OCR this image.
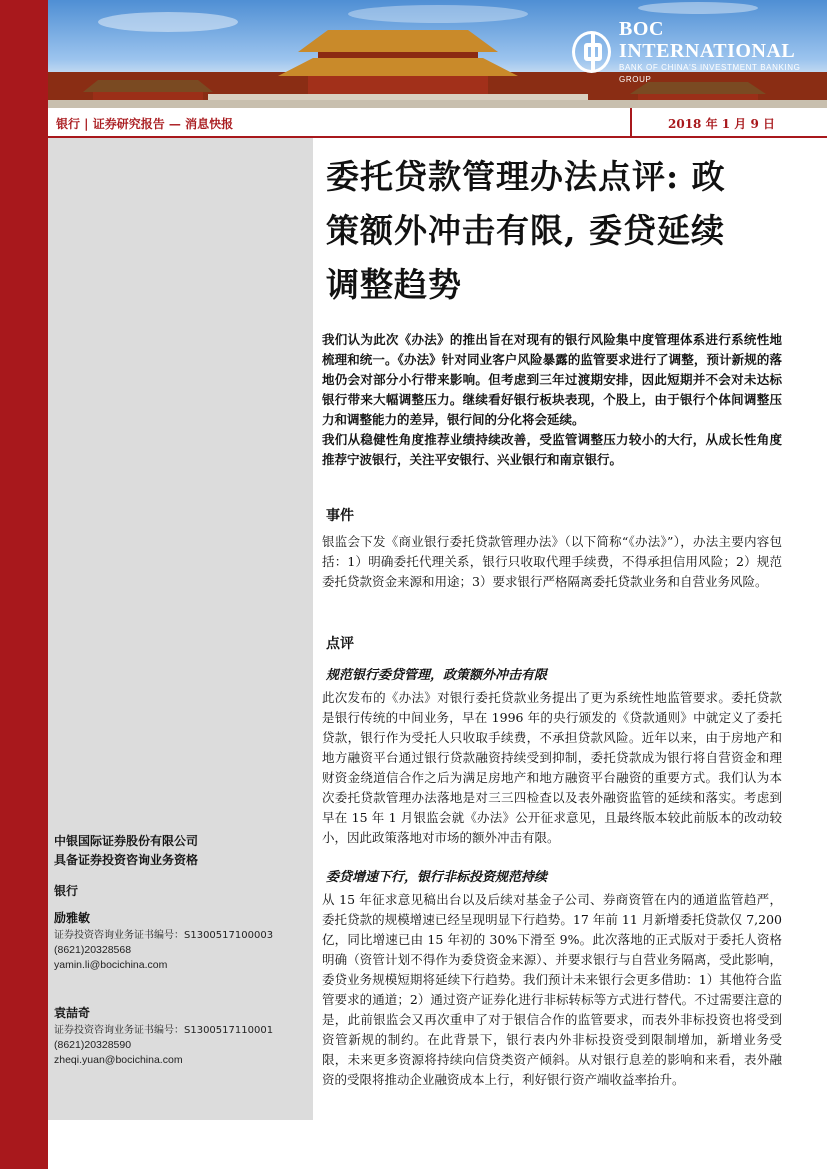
BOC INTERNATIONAL
BANK OF CHINA'S INVESTMENT BANKING GROUP
银行 | 证券研究报告 — 消息快报	2018 年 1 月 9 日
中银国际证券股份有限公司
具备证券投资咨询业务资格
银行
励雅敏
证券投资咨询业务证书编号：S1300517100003
(8621)20328568
yamin.li@bocichina.com
袁喆奇
证券投资咨询业务证书编号：S1300517110001
(8621)20328590
zheqi.yuan@bocichina.com
委托贷款管理办法点评: 政
策额外冲击有限, 委贷延续
调整趋势
我们认为此次《办法》的推出旨在对现有的银行风险集中度管理体系进行系统性地梳理和统一。《办法》针对同业客户风险暴露的监管要求进行了调整，预计新规的落地仍会对部分小行带来影响。但考虑到三年过渡期安排，因此短期并不会对未达标银行带来大幅调整压力。继续看好银行板块表现，个股上，由于银行个体间调整压力和调整能力的差异，银行间的分化将会延续。
我们从稳健性角度推荐业绩持续改善，受监管调整压力较小的大行，从成长性角度推荐宁波银行，关注平安银行、兴业银行和南京银行。
事件
银监会下发《商业银行委托贷款管理办法》（以下简称“《办法》”），办法主要内容包括：1）明确委托代理关系，银行只收取代理手续费，不得承担信用风险；2）规范委托贷款资金来源和用途；3）要求银行严格隔离委托贷款业务和自营业务风险。
点评
规范银行委贷管理，政策额外冲击有限
此次发布的《办法》对银行委托贷款业务提出了更为系统性地监管要求。委托贷款是银行传统的中间业务，早在 1996 年的央行颁发的《贷款通则》中就定义了委托贷款，银行作为受托人只收取手续费，不承担贷款风险。近年以来，由于房地产和地方融资平台通过银行贷款融资持续受到抑制，委托贷款成为银行将自营资金和理财资金绕道信合作之后为满足房地产和地方融资平台融资的重要方式。我们认为本次委托贷款管理办法落地是对三三四检查以及表外融资监管的延续和落实。考虑到早在 15 年 1 月银监会就《办法》公开征求意见，且最终版本较此前版本的改动较小，因此政策落地对市场的额外冲击有限。
委贷增速下行，银行非标投资规范持续
从 15 年征求意见稿出台以及后续对基金子公司、券商资管在内的通道监管趋严，委托贷款的规模增速已经呈现明显下行趋势。17 年前 11 月新增委托贷款仅 7,200 亿，同比增速已由 15 年初的 30%下滑至 9%。此次落地的正式版对于委托人资格明确（资管计划不得作为委贷资金来源）、并要求银行与自营业务隔离，受此影响，委贷业务规模短期将延续下行趋势。我们预计未来银行会更多借助：1）其他符合监管要求的通道；2）通过资产证券化进行非标转标等方式进行替代。不过需要注意的是，此前银监会又再次重申了对于银信合作的监管要求，而表外非标投资也将受到资管新规的制约。在此背景下，银行表内外非标投资受到限制增加，新增业务受限，未来更多资源将持续向信贷类资产倾斜。从对银行息差的影响和来看，表外融资的受限将推动企业融资成本上行，利好银行资产端收益率抬升。
